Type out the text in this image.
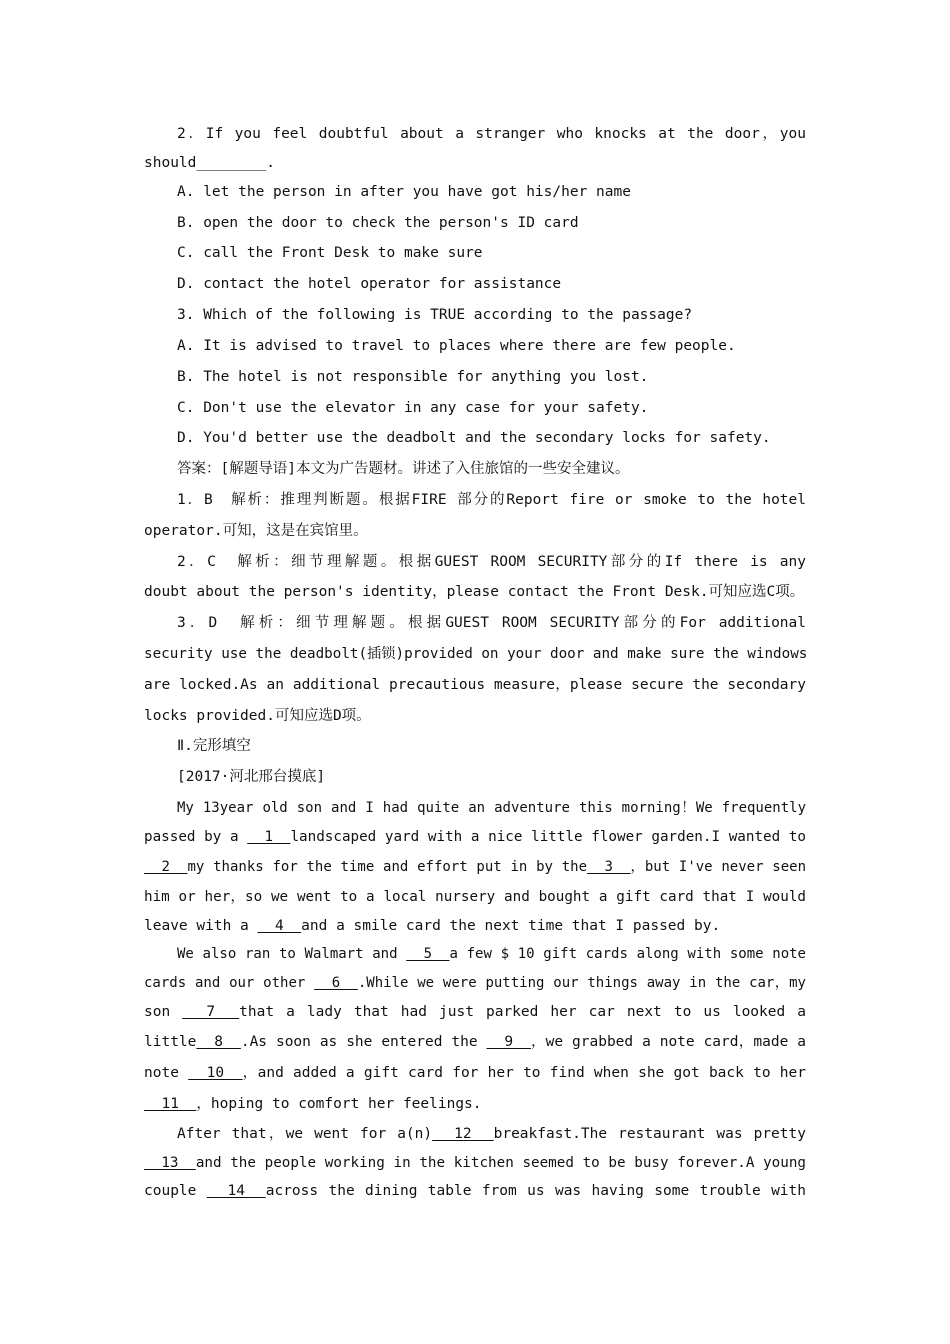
2．If you feel doubtful about a stranger who knocks at the door，you
should________.
A. let the person in after you have got his/her name
B. open the door to check the person's ID card
C. call the Front Desk to make sure
D. contact the hotel operator for assistance
3. Which of the following is TRUE according to the passage?
A. It is advised to travel to places where there are few people.
B. The hotel is not responsible for anything you lost.
C. Don't use the elevator in any case for your safety.
D. You'd better use the deadbolt and the secondary locks for safety.
答案：[解题导语]本文为广告题材。讲述了入住旅馆的一些安全建议。
1．B　解析：推理判断题。根据FIRE 部分的Report fire or smoke to the hotel
operator.可知，这是在宾馆里。
2．C　解析：细节理解题。根据GUEST ROOM SECURITY部分的If there is any
doubt about the person's identity，please contact the Front Desk.可知应选C项。
3．D　解析：细节理解题。根据GUEST ROOM SECURITY部分的For additional
security use the deadbolt(插锁)provided on your door and make sure the windows
are locked.As an additional precautious measure，please secure the secondary
locks provided.可知应选D项。
Ⅱ.完形填空
[2017·河北邢台摸底]
My 13year old son and I had quite an adventure this morning！We frequently
passed by a   1  landscaped yard with a nice little flower garden.I wanted to
2  my thanks for the time and effort put in by the  3  ，but I've never seen
him or her，so we went to a local nursery and bought a gift card that I would
leave with a   4  and a smile card the next time that I passed by.
We also ran to Walmart and   5  a few $ 10 gift cards along with some note
cards and our other   6  .While we were putting our things away in the car，my
son   7  that a lady that had just parked her car next to us looked a
little  8  .As soon as she entered the   9  ，we grabbed a note card，made a
note   10  ，and added a gift card for her to find when she got back to her
11  ，hoping to comfort her feelings.
After that，we went for a(n)  12  breakfast.The restaurant was pretty
13  and the people working in the kitchen seemed to be busy forever.A young
couple   14  across the dining table from us was having some trouble with
